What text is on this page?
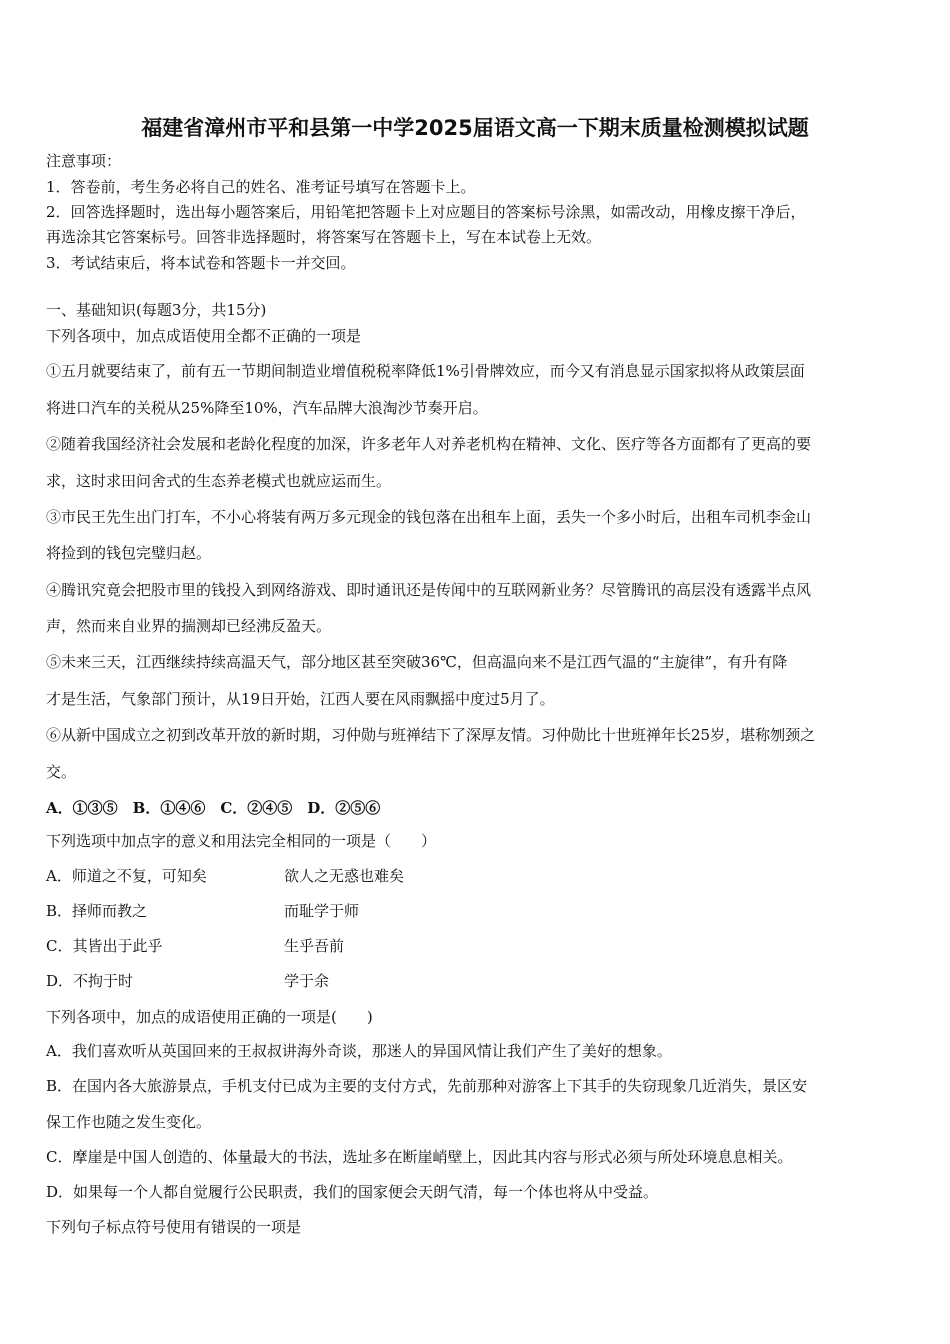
福建省漳州市平和县第一中学2025届语文高一下期末质量检测模拟试题
注意事项：
1．答卷前，考生务必将自己的姓名、准考证号填写在答题卡上。
2．回答选择题时，选出每小题答案后，用铅笔把答题卡上对应题目的答案标号涂黑，如需改动，用橡皮擦干净后，
再选涂其它答案标号。回答非选择题时，将答案写在答题卡上，写在本试卷上无效。
3．考试结束后，将本试卷和答题卡一并交回。
一、基础知识(每题3分，共15分)
下列各项中，加点成语使用全都不正确的一项是
①五月就要结束了，前有五一节期间制造业增值税税率降低1%引骨牌效应，而今又有消息显示国家拟将从政策层面
将进口汽车的关税从25%降至10%，汽车品牌大浪淘沙节奏开启。
②随着我国经济社会发展和老龄化程度的加深，许多老年人对养老机构在精神、文化、医疗等各方面都有了更高的要
求，这时求田问舍式的生态养老模式也就应运而生。
③市民王先生出门打车，不小心将装有两万多元现金的钱包落在出租车上面，丢失一个多小时后，出租车司机李金山
将捡到的钱包完璧归赵。
④腾讯究竟会把股市里的钱投入到网络游戏、即时通讯还是传闻中的互联网新业务？尽管腾讯的高层没有透露半点风
声，然而来自业界的揣测却已经沸反盈天。
⑤未来三天，江西继续持续高温天气，部分地区甚至突破36℃，但高温向来不是江西气温的“主旋律”，有升有降
才是生活，气象部门预计，从19日开始，江西人要在风雨飘摇中度过5月了。
⑥从新中国成立之初到改革开放的新时期，习仲勋与班禅结下了深厚友情。习仲勋比十世班禅年长25岁，堪称刎颈之
交。
A．①③⑤　B．①④⑥　C．②④⑤　D．②⑤⑥
下列选项中加点字的意义和用法完全相同的一项是（　　）
A．师道之不复，可知矣	欲人之无惑也难矣
B．择师而教之	而耻学于师
C．其皆出于此乎	生乎吾前
D．不拘于时	学于余
下列各项中，加点的成语使用正确的一项是(　　)
A．我们喜欢听从英国回来的王叔叔讲海外奇谈，那迷人的异国风情让我们产生了美好的想象。
B．在国内各大旅游景点，手机支付已成为主要的支付方式，先前那种对游客上下其手的失窃现象几近消失，景区安
保工作也随之发生变化。
C．摩崖是中国人创造的、体量最大的书法，选址多在断崖峭壁上，因此其内容与形式必须与所处环境息息相关。
D．如果每一个人都自觉履行公民职责，我们的国家便会天朗气清，每一个体也将从中受益。
下列句子标点符号使用有错误的一项是
